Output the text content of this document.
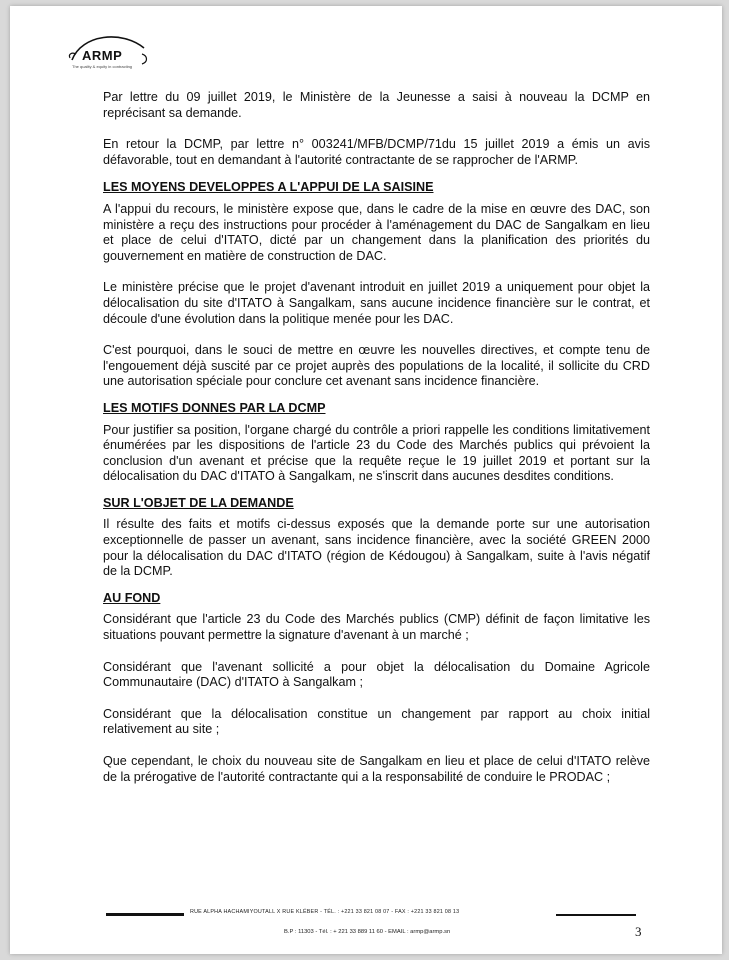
ARMP
The quality & equity in contracting

Par lettre du 09 juillet 2019, le Ministère de la Jeunesse a saisi à nouveau la DCMP en reprécisant sa demande.

En retour la DCMP, par lettre n° 003241/MFB/DCMP/71du 15 juillet 2019 a émis un avis défavorable, tout en demandant à l'autorité contractante de se rapprocher de l'ARMP.

LES MOYENS DEVELOPPES A L'APPUI DE LA SAISINE

A l'appui du recours, le ministère expose que, dans le cadre de la mise en œuvre des DAC, son ministère a reçu des instructions pour procéder à l'aménagement du DAC de Sangalkam en lieu et place de celui d'ITATO, dicté par un changement dans la planification des priorités du gouvernement en matière de construction de DAC.

Le ministère précise que le projet d'avenant introduit en juillet 2019 a uniquement pour objet la délocalisation du site d'ITATO à Sangalkam, sans aucune incidence financière sur le contrat, et découle d'une évolution dans la politique menée pour les DAC.

C'est pourquoi, dans le souci de mettre en œuvre les nouvelles directives, et compte tenu de l'engouement déjà suscité par ce projet auprès des populations de la localité, il sollicite du CRD une autorisation spéciale pour conclure cet avenant sans incidence financière.

LES MOTIFS DONNES PAR LA DCMP

Pour justifier sa position, l'organe chargé du contrôle a priori rappelle les conditions limitativement énumérées par les dispositions de l'article 23 du Code des Marchés publics qui prévoient la conclusion d'un avenant et précise que la requête reçue le 19 juillet 2019 et portant sur la délocalisation du DAC d'ITATO à Sangalkam, ne s'inscrit dans aucunes desdites conditions.

SUR L'OBJET DE LA DEMANDE

Il résulte des faits et motifs ci-dessus exposés que la demande porte sur une autorisation exceptionnelle de passer un avenant, sans incidence financière, avec la société GREEN 2000 pour la délocalisation du DAC d'ITATO (région de Kédougou) à Sangalkam, suite à l'avis négatif de la DCMP.

AU FOND

Considérant que l'article 23 du Code des Marchés publics (CMP) définit de façon limitative les situations pouvant permettre la signature d'avenant à un marché ;

Considérant que l'avenant sollicité a pour objet la délocalisation du Domaine Agricole Communautaire (DAC) d'ITATO à Sangalkam ;

Considérant que la délocalisation constitue un changement par rapport au choix initial relativement au site ;

Que cependant, le choix du nouveau site de Sangalkam en lieu et place de celui d'ITATO relève de la prérogative de l'autorité contractante qui a la responsabilité de conduire le PRODAC ;

RUE ALPHA HACHAMIYOUTALL X RUE KLÉBER - TÉL. : +221 33 821 08 07 - FAX : +221 33 821 08 13
B.P : 11303 - Tél. : + 221 33 889 11 60 - EMAIL : armp@armp.sn	3
